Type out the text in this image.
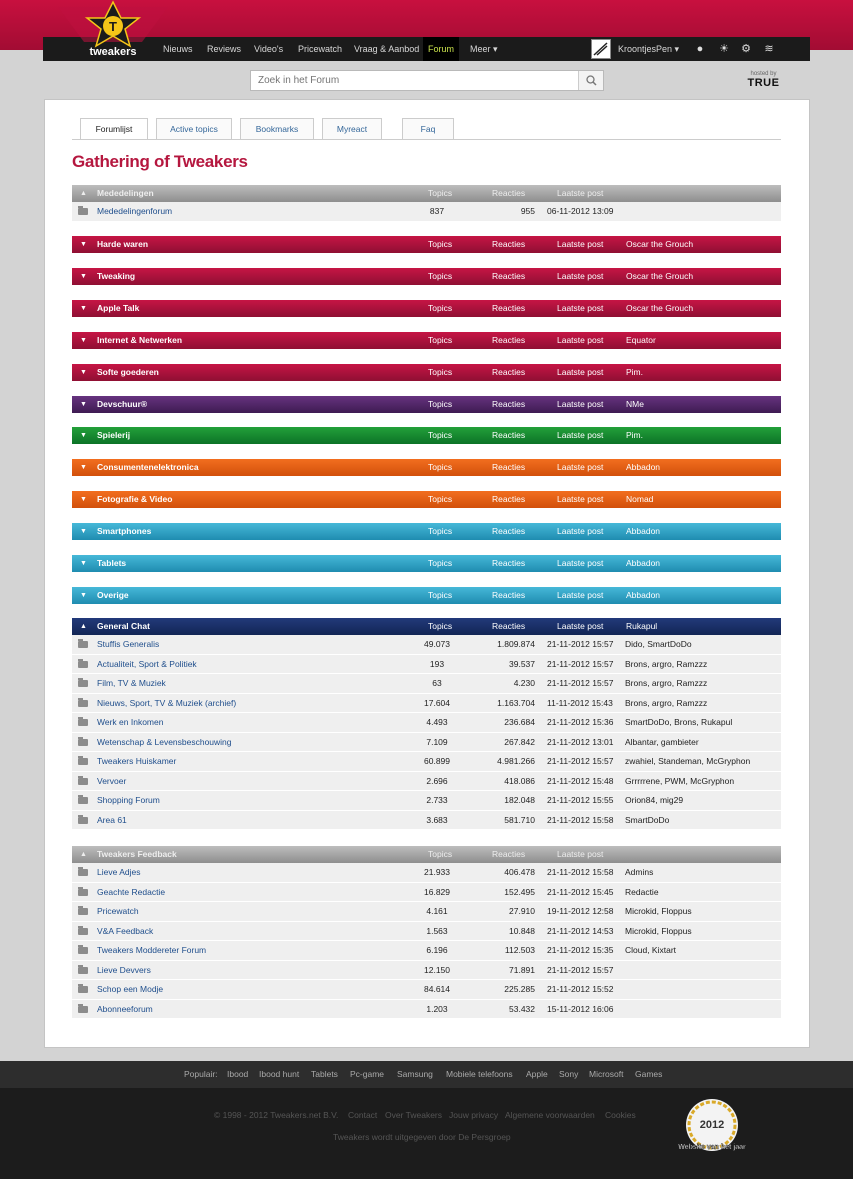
T
tweakers	Nieuws	Reviews	Video's	Pricewatch	Vraag & Aanbod Forum	Meer ▾	KroontjesPen ▾	● ☀ ⚙ ≋
Zoek in het Forum
hosted by
TRUE
Forumlijst	Active topics	Bookmarks	Myreact	Faq
Gathering of Tweakers
▲ Mededelingen	Topics	Reacties	Laatste post
Mededelingenforum	837	955 06-11-2012 13:09
▼ Harde waren	Topics	Reacties	Laatste post	Oscar the Grouch
▼ Tweaking	Topics	Reacties	Laatste post	Oscar the Grouch
▼ Apple Talk	Topics	Reacties	Laatste post	Oscar the Grouch
▼ Internet & Netwerken	Topics	Reacties	Laatste post	Equator
▼ Softe goederen	Topics	Reacties	Laatste post	Pim.
▼ Devschuur®	Topics	Reacties	Laatste post	NMe
▼ Spielerij	Topics	Reacties	Laatste post	Pim.
▼ Consumentenelektronica	Topics	Reacties	Laatste post	Abbadon
▼ Fotografie & Video	Topics	Reacties	Laatste post	Nomad
▼ Smartphones	Topics	Reacties	Laatste post	Abbadon
▼ Tablets	Topics	Reacties	Laatste post	Abbadon
▼ Overige	Topics	Reacties	Laatste post	Abbadon
▲ General Chat	Topics	Reacties	Laatste post	Rukapul
Stuffis Generalis	49.073	1.809.874 21-11-2012 15:57 Dido, SmartDoDo
Actualiteit, Sport & Politiek	193	39.537 21-11-2012 15:57 Brons, argro, Ramzzz
Film, TV & Muziek	63	4.230 21-11-2012 15:57 Brons, argro, Ramzzz
Nieuws, Sport, TV & Muziek (archief)	17.604	1.163.704 11-11-2012 15:43 Brons, argro, Ramzzz
Werk en Inkomen	4.493	236.684 21-11-2012 15:36 SmartDoDo, Brons, Rukapul
Wetenschap & Levensbeschouwing	7.109	267.842 21-11-2012 13:01 Albantar, gambieter
Tweakers Huiskamer	60.899	4.981.266 21-11-2012 15:57 zwahiel, Standeman, McGryphon
Vervoer	2.696	418.086 21-11-2012 15:48 Grrrrrene, PWM, McGryphon
Shopping Forum	2.733	182.048 21-11-2012 15:55 Orion84, mig29
Area 61	3.683	581.710 21-11-2012 15:58 SmartDoDo
▲ Tweakers Feedback	Topics	Reacties	Laatste post
Lieve Adjes	21.933	406.478 21-11-2012 15:58 Admins
Geachte Redactie	16.829	152.495 21-11-2012 15:45 Redactie
Pricewatch	4.161	27.910 19-11-2012 12:58 Microkid, Floppus
V&A Feedback	1.563	10.848 21-11-2012 14:53 Microkid, Floppus
Tweakers Moddereter Forum	6.196	112.503 21-11-2012 15:35 Cloud, Kixtart
Lieve Devvers	12.150	71.891 21-11-2012 15:57
Schop een Modje	84.614	225.285 21-11-2012 15:52
Abonneeforum	1.203	53.432 15-11-2012 16:06
Populair: Ibood Ibood hunt Tablets Pc-game Samsung Mobiele telefoons Apple Sony Microsoft Games
© 1998 - 2012 Tweakers.net B.V. Contact Over Tweakers Jouw privacy Algemene voorwaarden Cookies
Tweakers wordt uitgegeven door De Persgroep
2012
Website van het jaar
